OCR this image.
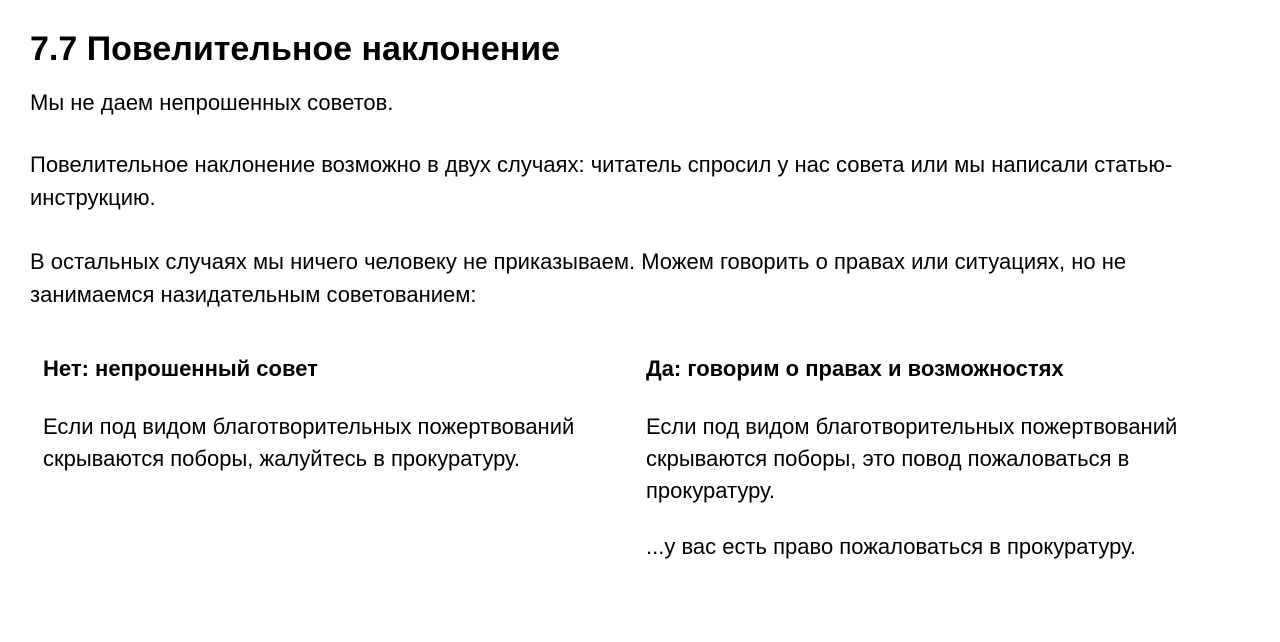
7.7 Повелительное наклонение

Мы не даем непрошенных советов.

Повелительное наклонение возможно в двух случаях: читатель спросил у нас совета или мы написали статью-инструкцию.

В остальных случаях мы ничего человеку не приказываем. Можем говорить о правах или ситуациях, но не занимаемся назидательным советованием:

Нет: непрошенный совет

Если под видом благотворительных пожертвований скрываются поборы, жалуйтесь в прокуратуру.

Да: говорим о правах и возможностях

Если под видом благотворительных пожертвований скрываются поборы, это повод пожаловаться в прокуратуру.

...у вас есть право пожаловаться в прокуратуру.
